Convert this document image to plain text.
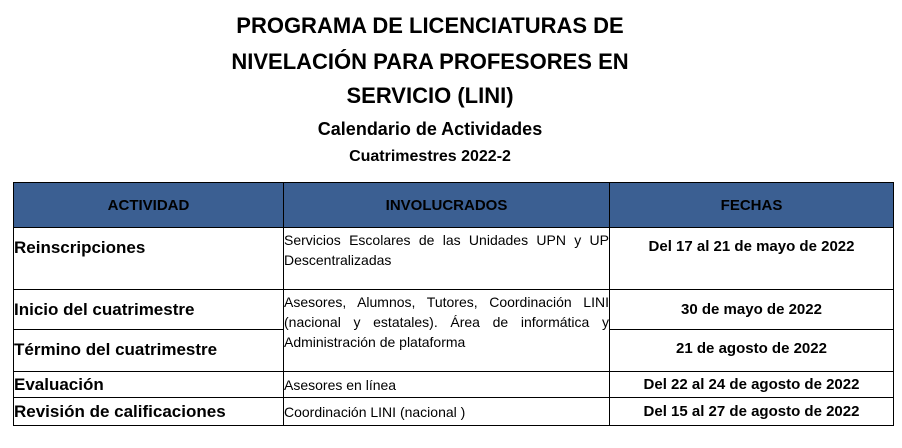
PROGRAMA DE LICENCIATURAS DE
NIVELACIÓN PARA PROFESORES EN
SERVICIO (LINI)
Calendario de Actividades
Cuatrimestres 2022-2
ACTIVIDAD	INVOLUCRADOS	FECHAS
Reinscripciones	Servicios Escolares de las Unidades UPN y UP Descentralizadas	Del 17 al 21 de mayo de 2022
Inicio del cuatrimestre	Asesores, Alumnos, Tutores, Coordinación LINI (nacional y estatales). Área de informática y Administración de plataforma	30 de mayo de 2022
Término del cuatrimestre		21 de agosto de 2022
Evaluación	Asesores en línea	Del 22 al 24 de agosto de 2022
Revisión de calificaciones	Coordinación LINI (nacional )	Del 15 al 27 de agosto de 2022
